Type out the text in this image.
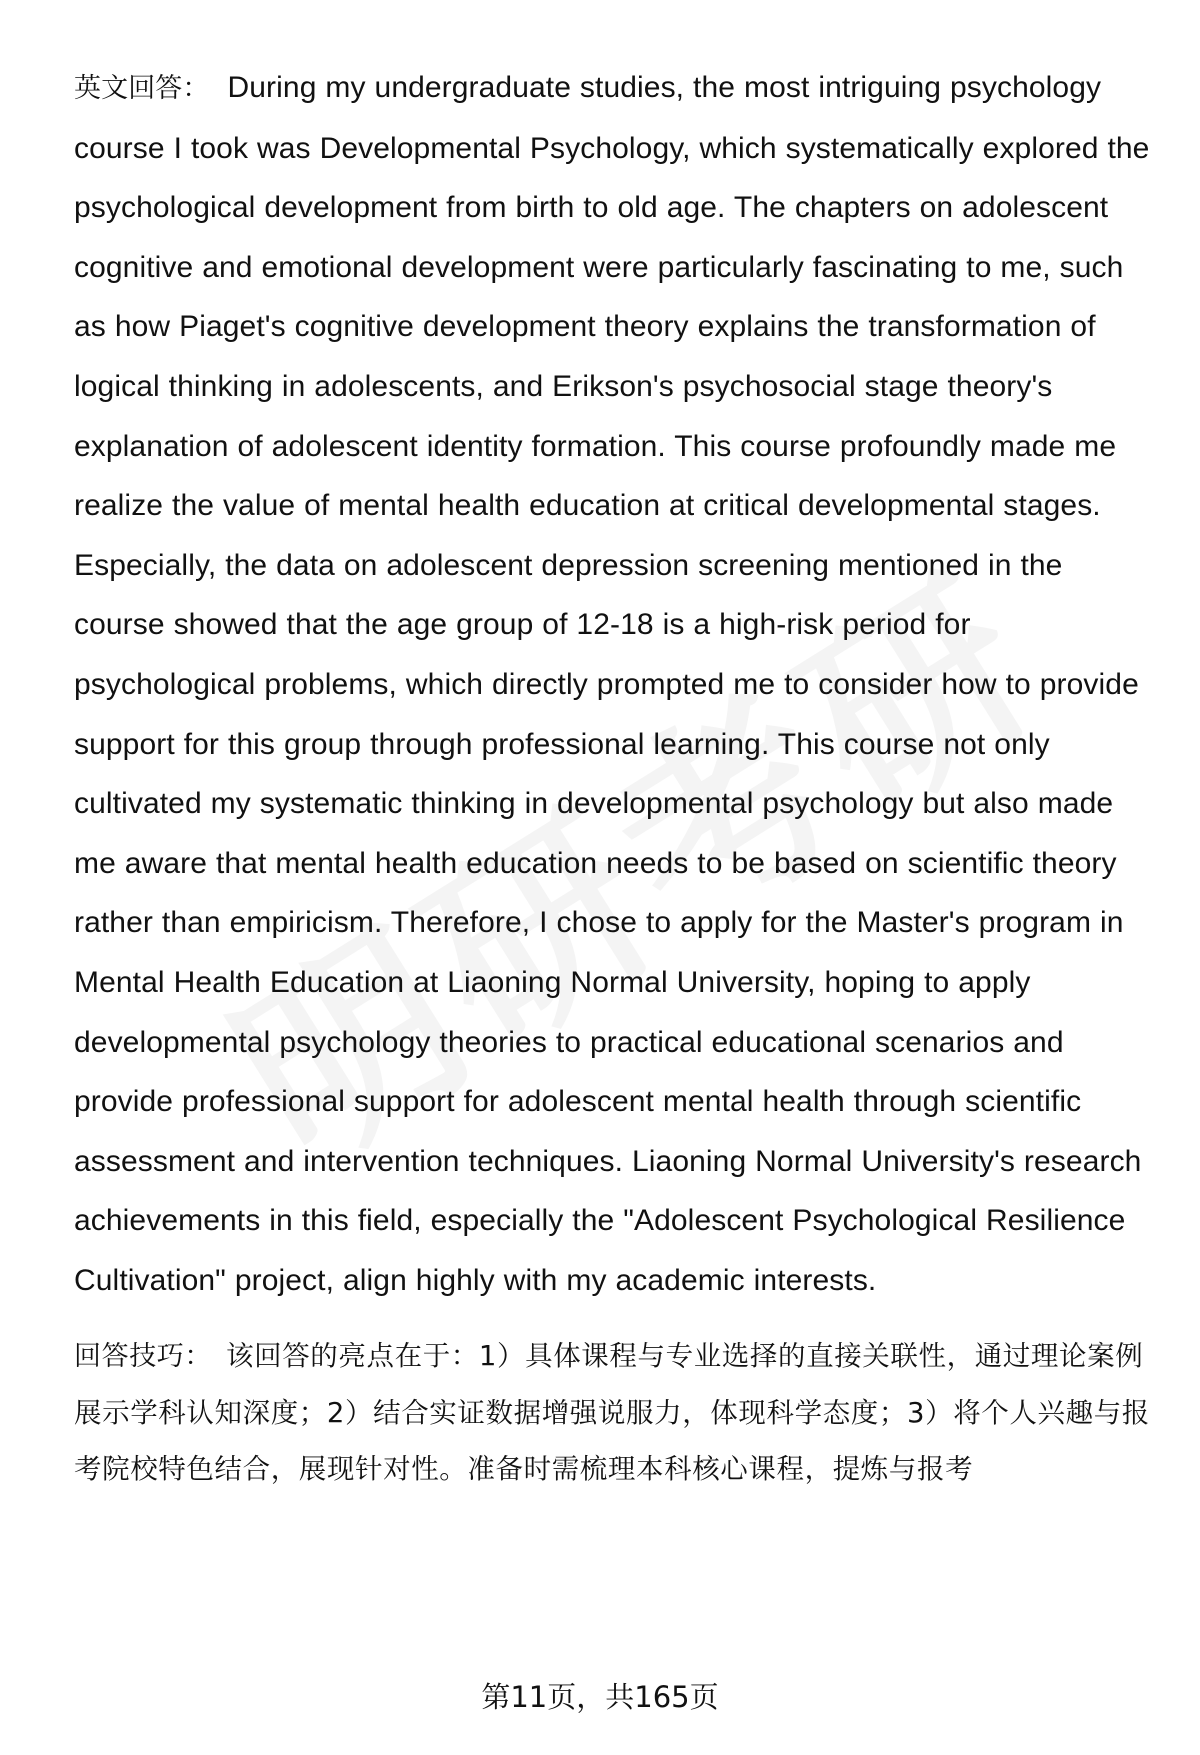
英文回答： During my undergraduate studies, the most intriguing psychology course I took was Developmental Psychology, which systematically explored the psychological development from birth to old age. The chapters on adolescent cognitive and emotional development were particularly fascinating to me, such as how Piaget's cognitive development theory explains the transformation of logical thinking in adolescents, and Erikson's psychosocial stage theory's explanation of adolescent identity formation. This course profoundly made me realize the value of mental health education at critical developmental stages. Especially, the data on adolescent depression screening mentioned in the course showed that the age group of 12-18 is a high-risk period for psychological problems, which directly prompted me to consider how to provide support for this group through professional learning. This course not only cultivated my systematic thinking in developmental psychology but also made me aware that mental health education needs to be based on scientific theory rather than empiricism. Therefore, I chose to apply for the Master's program in Mental Health Education at Liaoning Normal University, hoping to apply developmental psychology theories to practical educational scenarios and provide professional support for adolescent mental health through scientific assessment and intervention techniques. Liaoning Normal University's research achievements in this field, especially the "Adolescent Psychological Resilience Cultivation" project, align highly with my academic interests.

回答技巧： 该回答的亮点在于：1）具体课程与专业选择的直接关联性，通过理论案例展示学科认知深度；2）结合实证数据增强说服力，体现科学态度；3）将个人兴趣与报考院校特色结合，展现针对性。准备时需梳理本科核心课程，提炼与报考

第11页，共165页
